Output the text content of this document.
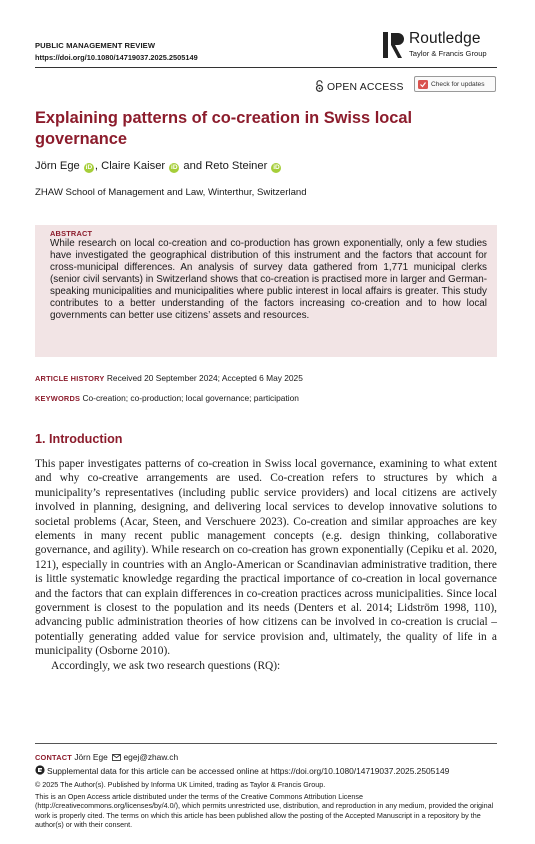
PUBLIC MANAGEMENT REVIEW
https://doi.org/10.1080/14719037.2025.2505149
Routledge
Taylor & Francis Group
OPEN ACCESS	Check for updates
Explaining patterns of co-creation in Swiss local governance
Jörn Ege iD , Claire Kaiser iD and Reto Steiner iD
ZHAW School of Management and Law, Winterthur, Switzerland
ABSTRACT
While research on local co-creation and co-production has grown exponentially, only a few studies have investigated the geographical distribution of this instrument and the factors that account for cross-municipal differences. An analysis of survey data gathered from 1,771 municipal clerks (senior civil servants) in Switzerland shows that co-creation is practised more in larger and German-speaking municipalities and municipalities where public interest in local affairs is greater. This study contributes to a better understanding of the factors increasing co-creation and to how local governments can better use citizens’ assets and resources.
ARTICLE HISTORY Received 20 September 2024; Accepted 6 May 2025
KEYWORDS Co-creation; co-production; local governance; participation
1. Introduction

This paper investigates patterns of co-creation in Swiss local governance, examining to what extent and why co-creative arrangements are used. Co-creation refers to structures by which a municipality’s representatives (including public service providers) and local citizens are actively involved in planning, designing, and delivering local services to develop innovative solutions to societal problems (Acar, Steen, and Verschuere 2023). Co-creation and similar approaches are key elements in many recent public management concepts (e.g. design thinking, collaborative governance, and agility). While research on co-creation has grown exponentially (Cepiku et al. 2020, 121), especially in countries with an Anglo-American or Scandinavian administrative tradition, there is little systematic knowledge regarding the practical importance of co-creation in local governance and the factors that can explain differences in co-creation practices across municipalities. Since local government is closest to the population and its needs (Denters et al. 2014; Lidström 1998, 110), advancing public administration theories of how citizens can be involved in co-creation is crucial – potentially generating added value for service provision and, ultimately, the quality of life in a municipality (Osborne 2010).

Accordingly, we ask two research questions (RQ):

CONTACT Jörn Ege egej@zhaw.ch
Supplemental data for this article can be accessed online at https://doi.org/10.1080/14719037.2025.2505149
© 2025 The Author(s). Published by Informa UK Limited, trading as Taylor & Francis Group.
This is an Open Access article distributed under the terms of the Creative Commons Attribution License (http://creativecommons.org/licenses/by/4.0/), which permits unrestricted use, distribution, and reproduction in any medium, provided the original work is properly cited. The terms on which this article has been published allow the posting of the Accepted Manuscript in a repository by the author(s) or with their consent.
